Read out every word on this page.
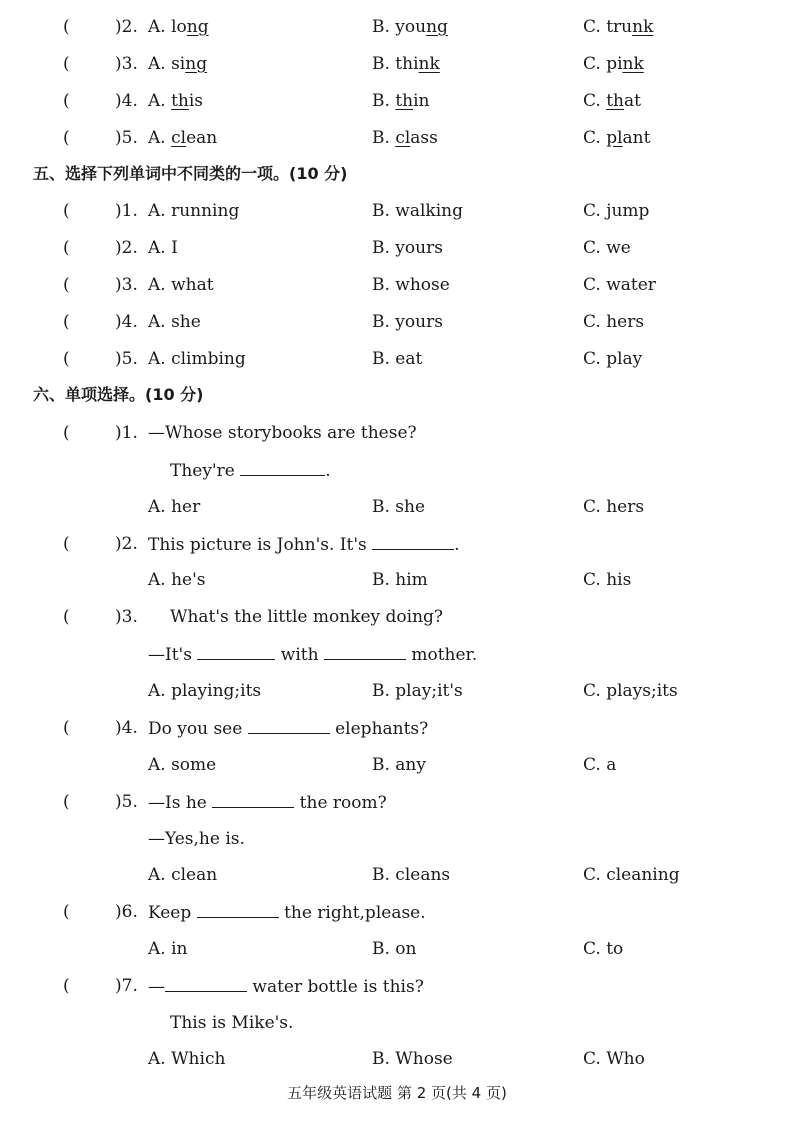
(	)2. A. long	B. young	C. trunk
(	)3. A. sing	B. think	C. pink
(	)4. A. this	B. thin	C. that
(	)5. A. clean	B. class	C. plant
五、选择下列单词中不同类的一项。(10 分)
(	)1. A. running	B. walking	C. jump
(	)2. A. I	B. yours	C. we
(	)3. A. what	B. whose	C. water
(	)4. A. she	B. yours	C. hers
(	)5. A. climbing	B. eat	C. play
六、单项选择。(10 分)
(	)1. —Whose storybooks are these?
They're	.
A. her	B. she	C. hers
(	)2. This picture is John's. It's	.
A. he's	B. him	C. his
(	)3. What's the little monkey doing?
—It's	with	mother.
A. playing;its	B. play;it's	C. plays;its
(	)4. Do you see	elephants?
A. some	B. any	C. a
(	)5. —Is he	the room?
—Yes,he is.
A. clean	B. cleans	C. cleaning
(	)6. Keep	the right,please.
A. in	B. on	C. to
(	)7. —	water bottle is this?
This is Mike's.
A. Which	B. Whose	C. Who
五年级英语试题 第 2 页(共 4 页)
